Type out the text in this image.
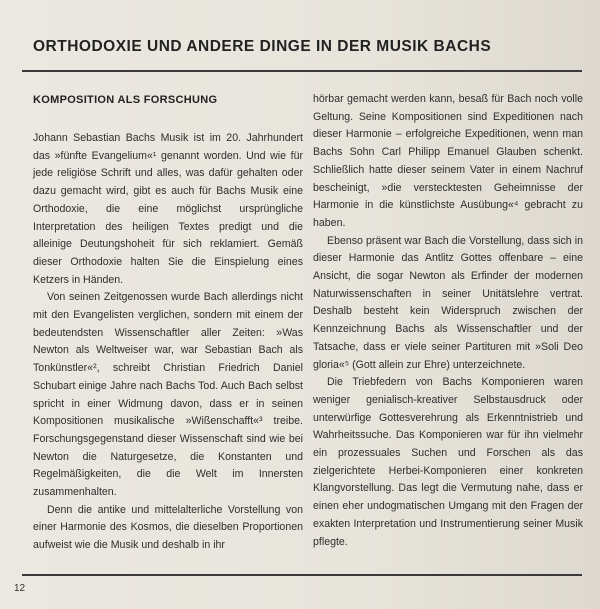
ORTHODOXIE UND ANDERE DINGE IN DER MUSIK BACHS
KOMPOSITION ALS FORSCHUNG

Johann Sebastian Bachs Musik ist im 20. Jahrhundert das »fünfte Evangelium«¹ genannt worden. Und wie für jede religiöse Schrift und alles, was dafür gehalten oder dazu gemacht wird, gibt es auch für Bachs Musik eine Orthodoxie, die eine möglichst ursprüngliche Interpretation des heiligen Textes predigt und die alleinige Deutungshoheit für sich reklamiert. Gemäß dieser Orthodoxie halten Sie die Einspielung eines Ketzers in Händen.

Von seinen Zeitgenossen wurde Bach allerdings nicht mit den Evangelisten verglichen, sondern mit einem der bedeutendsten Wissenschaftler aller Zeiten: »Was Newton als Weltweiser war, war Sebastian Bach als Tonkünstler«², schreibt Christian Friedrich Daniel Schubart einige Jahre nach Bachs Tod. Auch Bach selbst spricht in einer Widmung davon, dass er in seinen Kompositionen musikalische »Wißenschafft«³ treibe. Forschungsgegenstand dieser Wissenschaft sind wie bei Newton die Naturgesetze, die Konstanten und Regelmäßigkeiten, die die Welt im Innersten zusammenhalten.

Denn die antike und mittelalterliche Vorstellung von einer Harmonie des Kosmos, die dieselben Proportionen aufweist wie die Musik und deshalb in ihr

hörbar gemacht werden kann, besaß für Bach noch volle Geltung. Seine Kompositionen sind Expeditionen nach dieser Harmonie – erfolgreiche Expeditionen, wenn man Bachs Sohn Carl Philipp Emanuel Glauben schenkt. Schließlich hatte dieser seinem Vater in einem Nachruf bescheinigt, »die verstecktesten Geheimnisse der Harmonie in die künstlichste Ausübung«⁴ gebracht zu haben.

Ebenso präsent war Bach die Vorstellung, dass sich in dieser Harmonie das Antlitz Gottes offenbare – eine Ansicht, die sogar Newton als Erfinder der modernen Naturwissenschaften in seiner Unitätslehre vertrat. Deshalb besteht kein Widerspruch zwischen der Kennzeichnung Bachs als Wissenschaftler und der Tatsache, dass er viele seiner Partituren mit »Soli Deo gloria«⁵ (Gott allein zur Ehre) unterzeichnete.

Die Triebfedern von Bachs Komponieren waren weniger genialisch-kreativer Selbstausdruck oder unterwürfige Gottesverehrung als Erkenntnistrieb und Wahrheitssuche. Das Komponieren war für ihn vielmehr ein prozessuales Suchen und Forschen als das zielgerichtete Herbei-Komponieren einer konkreten Klangvorstellung. Das legt die Vermutung nahe, dass er einen eher undogmatischen Umgang mit den Fragen der exakten Interpretation und Instrumentierung seiner Musik pflegte.

12
